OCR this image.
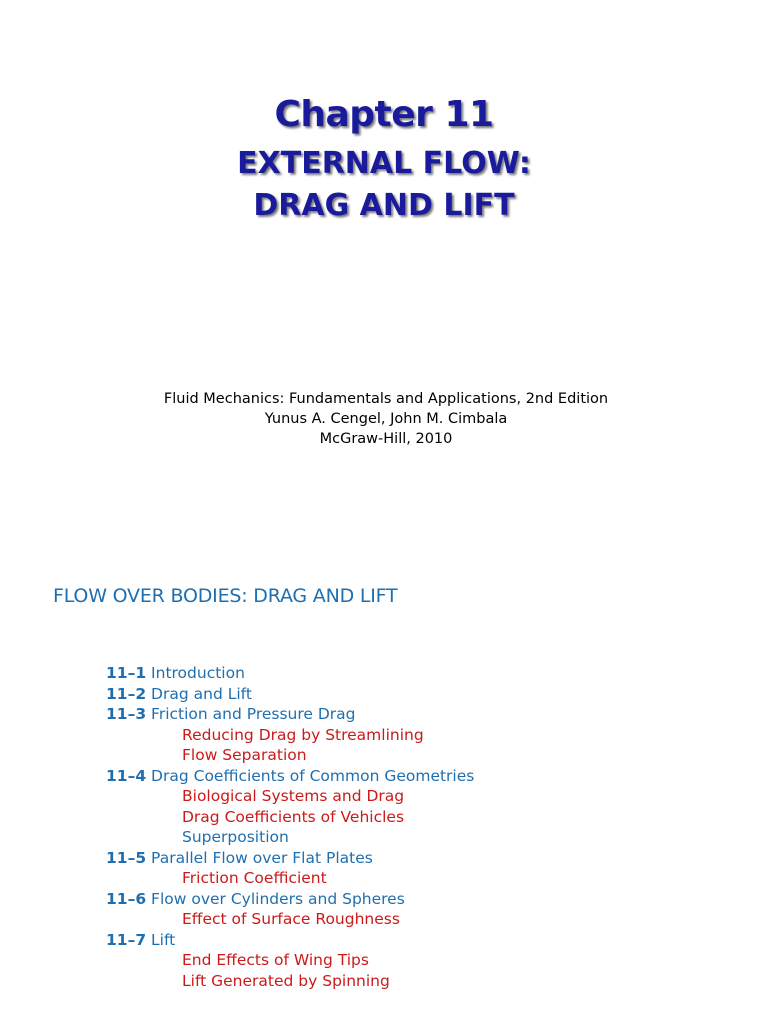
Chapter 11
EXTERNAL FLOW:
DRAG AND LIFT
Fluid Mechanics: Fundamentals and Applications, 2nd Edition
Yunus A. Cengel, John M. Cimbala
McGraw-Hill, 2010
FLOW OVER BODIES: DRAG AND LIFT
11–1 Introduction
11–2 Drag and Lift
11–3 Friction and Pressure Drag
Reducing Drag by Streamlining
Flow Separation
11–4 Drag Coefficients of Common Geometries
Biological Systems and Drag
Drag Coefficients of Vehicles
Superposition
11–5 Parallel Flow over Flat Plates
Friction Coefficient
11–6 Flow over Cylinders and Spheres
Effect of Surface Roughness
11–7 Lift
End Effects of Wing Tips
Lift Generated by Spinning
